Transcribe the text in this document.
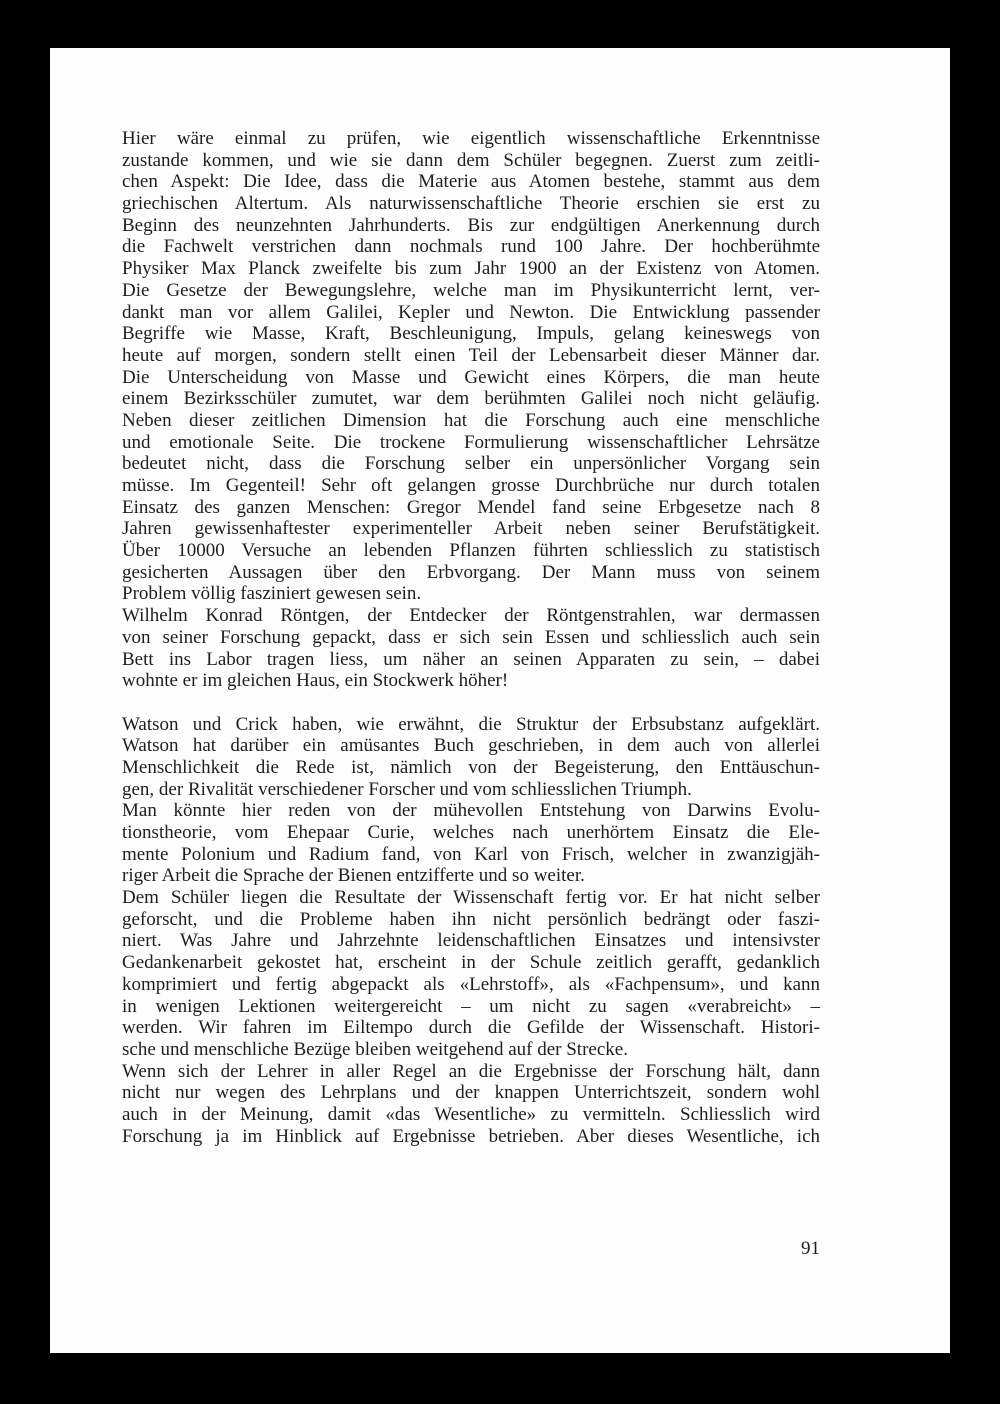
Hier wäre einmal zu prüfen, wie eigentlich wissenschaftliche Erkenntnisse
zustande kommen, und wie sie dann dem Schüler begegnen. Zuerst zum zeitli-
chen Aspekt: Die Idee, dass die Materie aus Atomen bestehe, stammt aus dem
griechischen Altertum. Als naturwissenschaftliche Theorie erschien sie erst zu
Beginn des neunzehnten Jahrhunderts. Bis zur endgültigen Anerkennung durch
die Fachwelt verstrichen dann nochmals rund 100 Jahre. Der hochberühmte
Physiker Max Planck zweifelte bis zum Jahr 1900 an der Existenz von Atomen.
Die Gesetze der Bewegungslehre, welche man im Physikunterricht lernt, ver-
dankt man vor allem Galilei, Kepler und Newton. Die Entwicklung passender
Begriffe wie Masse, Kraft, Beschleunigung, Impuls, gelang keineswegs von
heute auf morgen, sondern stellt einen Teil der Lebensarbeit dieser Männer dar.
Die Unterscheidung von Masse und Gewicht eines Körpers, die man heute
einem Bezirksschüler zumutet, war dem berühmten Galilei noch nicht geläufig.
Neben dieser zeitlichen Dimension hat die Forschung auch eine menschliche
und emotionale Seite. Die trockene Formulierung wissenschaftlicher Lehrsätze
bedeutet nicht, dass die Forschung selber ein unpersönlicher Vorgang sein
müsse. Im Gegenteil! Sehr oft gelangen grosse Durchbrüche nur durch totalen
Einsatz des ganzen Menschen: Gregor Mendel fand seine Erbgesetze nach 8
Jahren gewissenhaftester experimenteller Arbeit neben seiner Berufstätigkeit.
Über 10000 Versuche an lebenden Pflanzen führten schliesslich zu statistisch
gesicherten Aussagen über den Erbvorgang. Der Mann muss von seinem
Problem völlig fasziniert gewesen sein.
Wilhelm Konrad Röntgen, der Entdecker der Röntgenstrahlen, war dermassen
von seiner Forschung gepackt, dass er sich sein Essen und schliesslich auch sein
Bett ins Labor tragen liess, um näher an seinen Apparaten zu sein, – dabei
wohnte er im gleichen Haus, ein Stockwerk höher!
Watson und Crick haben, wie erwähnt, die Struktur der Erbsubstanz aufgeklärt.
Watson hat darüber ein amüsantes Buch geschrieben, in dem auch von allerlei
Menschlichkeit die Rede ist, nämlich von der Begeisterung, den Enttäuschun-
gen, der Rivalität verschiedener Forscher und vom schliesslichen Triumph.
Man könnte hier reden von der mühevollen Entstehung von Darwins Evolu-
tionstheorie, vom Ehepaar Curie, welches nach unerhörtem Einsatz die Ele-
mente Polonium und Radium fand, von Karl von Frisch, welcher in zwanzigjäh-
riger Arbeit die Sprache der Bienen entzifferte und so weiter.
Dem Schüler liegen die Resultate der Wissenschaft fertig vor. Er hat nicht selber
geforscht, und die Probleme haben ihn nicht persönlich bedrängt oder faszi-
niert. Was Jahre und Jahrzehnte leidenschaftlichen Einsatzes und intensivster
Gedankenarbeit gekostet hat, erscheint in der Schule zeitlich gerafft, gedanklich
komprimiert und fertig abgepackt als «Lehrstoff», als «Fachpensum», und kann
in wenigen Lektionen weitergereicht – um nicht zu sagen «verabreicht» –
werden. Wir fahren im Eiltempo durch die Gefilde der Wissenschaft. Histori-
sche und menschliche Bezüge bleiben weitgehend auf der Strecke.
Wenn sich der Lehrer in aller Regel an die Ergebnisse der Forschung hält, dann
nicht nur wegen des Lehrplans und der knappen Unterrichtszeit, sondern wohl
auch in der Meinung, damit «das Wesentliche» zu vermitteln. Schliesslich wird
Forschung ja im Hinblick auf Ergebnisse betrieben. Aber dieses Wesentliche, ich
91
